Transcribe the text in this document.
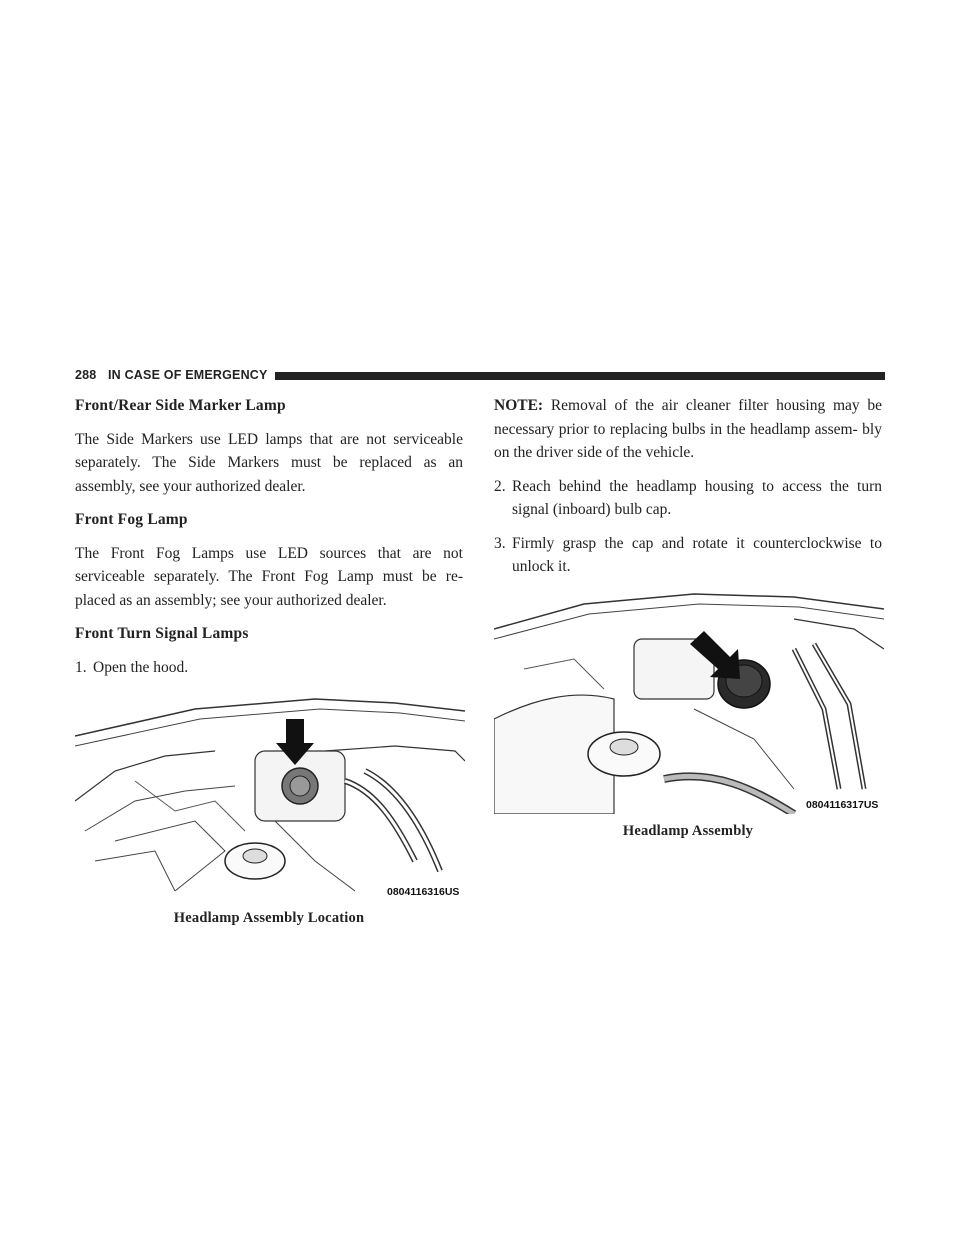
288 IN CASE OF EMERGENCY
Front/Rear Side Marker Lamp

The Side Markers use LED lamps that are not serviceable separately. The Side Markers must be replaced as an assembly, see your authorized dealer.

Front Fog Lamp

The Front Fog Lamps use LED sources that are not serviceable separately. The Front Fog Lamp must be re- placed as an assembly; see your authorized dealer.

Front Turn Signal Lamps
1. Open the hood.
0804116316US
Headlamp Assembly Location

NOTE: Removal of the air cleaner filter housing may be necessary prior to replacing bulbs in the headlamp assem- bly on the driver side of the vehicle.

2. Reach behind the headlamp housing to access the turn signal (inboard) bulb cap.
3. Firmly grasp the cap and rotate it counterclockwise to unlock it.
0804116317US
Headlamp Assembly
